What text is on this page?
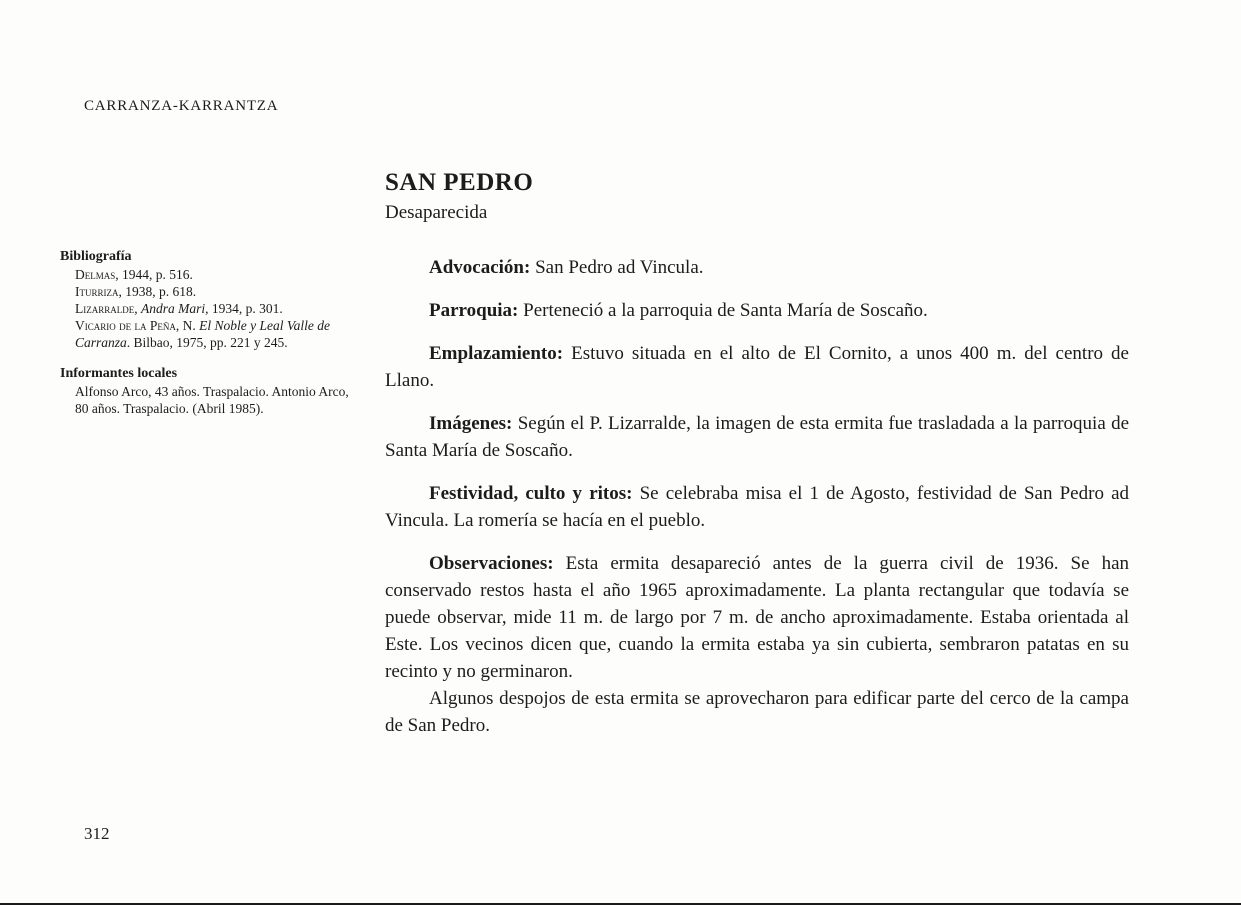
CARRANZA-KARRANTZA
Bibliografía
Delmas, 1944, p. 516.
Iturriza, 1938, p. 618.
Lizarralde, Andra Mari, 1934, p. 301.
Vicario de la Peña, N. El Noble y Leal Valle de Carranza. Bilbao, 1975, pp. 221 y 245.
Informantes locales
Alfonso Arco, 43 años. Traspalacio. Antonio Arco, 80 años. Traspalacio. (Abril 1985).
SAN PEDRO
Desaparecida

Advocación: San Pedro ad Vincula.

Parroquia: Perteneció a la parroquia de Santa María de Soscaño.

Emplazamiento: Estuvo situada en el alto de El Cornito, a unos 400 m. del centro de Llano.

Imágenes: Según el P. Lizarralde, la imagen de esta ermita fue trasladada a la parroquia de Santa María de Soscaño.

Festividad, culto y ritos: Se celebraba misa el 1 de Agosto, festividad de San Pedro ad Vincula. La romería se hacía en el pueblo.

Observaciones: Esta ermita desapareció antes de la guerra civil de 1936. Se han conservado restos hasta el año 1965 aproximadamente. La planta rectangular que todavía se puede observar, mide 11 m. de largo por 7 m. de ancho aproximadamente. Estaba orientada al Este. Los vecinos dicen que, cuando la ermita estaba ya sin cubierta, sembraron patatas en su recinto y no germinaron.

Algunos despojos de esta ermita se aprovecharon para edificar parte del cerco de la campa de San Pedro.

312
